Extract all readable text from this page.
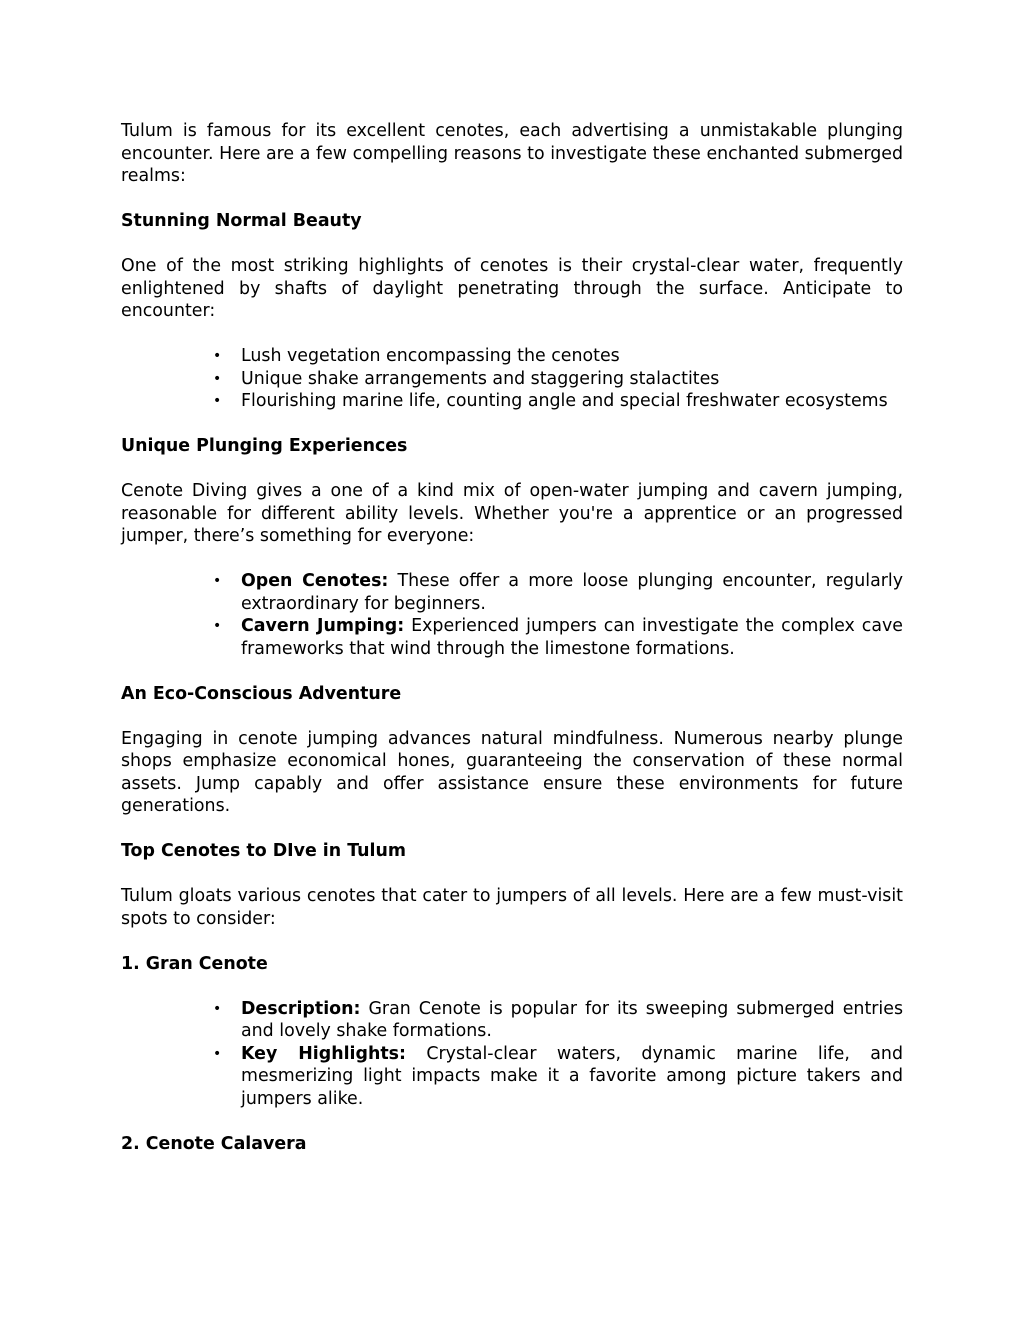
Tulum is famous for its excellent cenotes, each advertising a unmistakable plunging encounter. Here are a few compelling reasons to investigate these enchanted submerged realms:

Stunning Normal Beauty

One of the most striking highlights of cenotes is their crystal-clear water, frequently enlightened by shafts of daylight penetrating through the surface. Anticipate to encounter:

• Lush vegetation encompassing the cenotes
• Unique shake arrangements and staggering stalactites
• Flourishing marine life, counting angle and special freshwater ecosystems
Unique Plunging Experiences

Cenote Diving gives a one of a kind mix of open-water jumping and cavern jumping, reasonable for different ability levels. Whether you're a apprentice or an progressed jumper, there’s something for everyone:

• Open Cenotes: These offer a more loose plunging encounter, regularly extraordinary for beginners.
• Cavern Jumping: Experienced jumpers can investigate the complex cave frameworks that wind through the limestone formations.
An Eco-Conscious Adventure

Engaging in cenote jumping advances natural mindfulness. Numerous nearby plunge shops emphasize economical hones, guaranteeing the conservation of these normal assets. Jump capably and offer assistance ensure these environments for future generations.

Top Cenotes to DIve in Tulum

Tulum gloats various cenotes that cater to jumpers of all levels. Here are a few must-visit spots to consider:

1. Gran Cenote
• Description: Gran Cenote is popular for its sweeping submerged entries and lovely shake formations.
• Key Highlights: Crystal-clear waters, dynamic marine life, and mesmerizing light impacts make it a favorite among picture takers and jumpers alike.
2. Cenote Calavera
